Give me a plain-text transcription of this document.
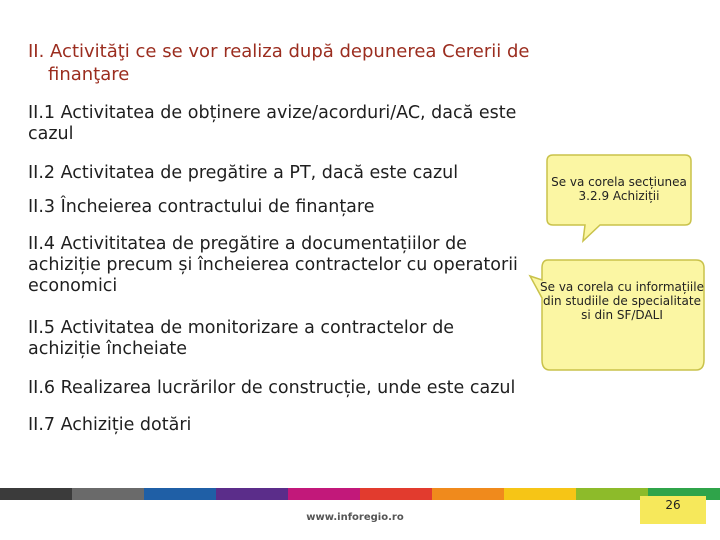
II. Activităţi ce se vor realiza după depunerea Cererii de
finanţare
II.1 Activitatea de obținere avize/acorduri/AC, dacă este cazul
II.2 Activitatea de pregătire a PT, dacă este cazul
II.3 Încheierea contractului de finanțare
II.4 Activititatea de pregătire a documentațiilor de achiziție precum și încheierea contractelor cu operatorii economici
II.5 Activitatea de monitorizare a contractelor de achiziție încheiate
II.6 Realizarea lucrărilor de construcție, unde este cazul
II.7 Achiziție dotări
Se va corela secțiunea 3.2.9 Achiziții
Se va corela cu informațiile din studiile de specialitate si din SF/DALI
www.inforegio.ro
26
